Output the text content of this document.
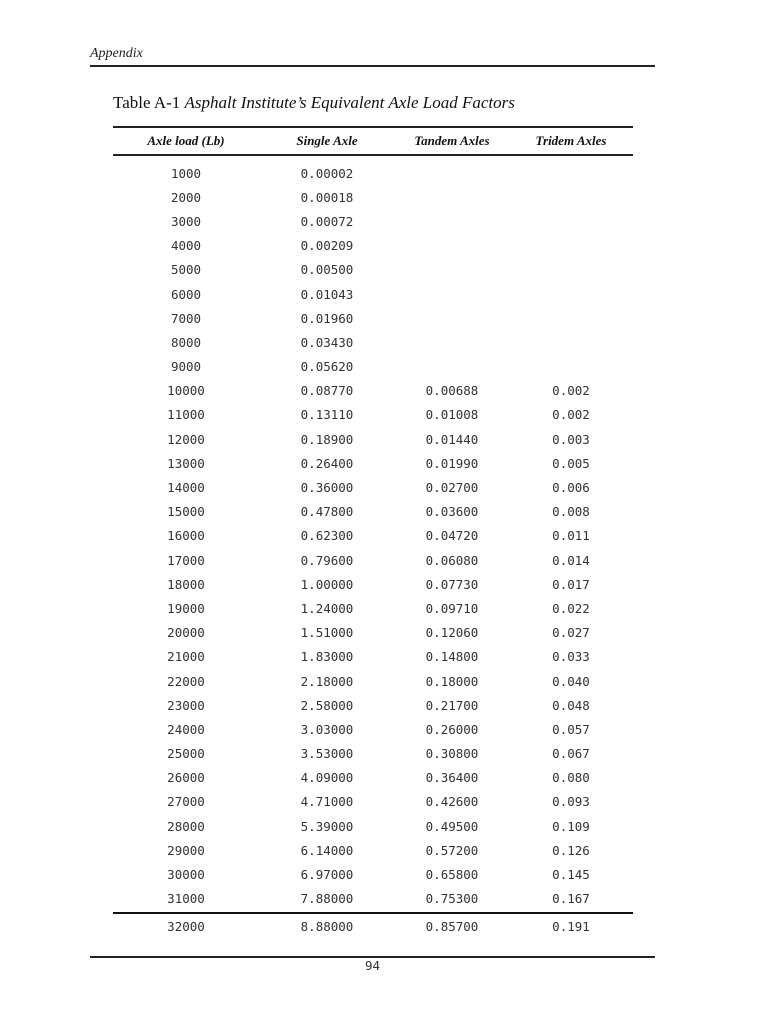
Appendix
Table A-1 Asphalt Institute’s Equivalent Axle Load Factors
Axle load (Lb)	Single Axle	Tandem Axles	Tridem Axles
1000	0.00002
2000	0.00018
3000	0.00072
4000	0.00209
5000	0.00500
6000	0.01043
7000	0.01960
8000	0.03430
9000	0.05620
10000	0.08770	0.00688	0.002
11000	0.13110	0.01008	0.002
12000	0.18900	0.01440	0.003
13000	0.26400	0.01990	0.005
14000	0.36000	0.02700	0.006
15000	0.47800	0.03600	0.008
16000	0.62300	0.04720	0.011
17000	0.79600	0.06080	0.014
18000	1.00000	0.07730	0.017
19000	1.24000	0.09710	0.022
20000	1.51000	0.12060	0.027
21000	1.83000	0.14800	0.033
22000	2.18000	0.18000	0.040
23000	2.58000	0.21700	0.048
24000	3.03000	0.26000	0.057
25000	3.53000	0.30800	0.067
26000	4.09000	0.36400	0.080
27000	4.71000	0.42600	0.093
28000	5.39000	0.49500	0.109
29000	6.14000	0.57200	0.126
30000	6.97000	0.65800	0.145
31000	7.88000	0.75300	0.167
32000	8.88000	0.85700	0.191
94
